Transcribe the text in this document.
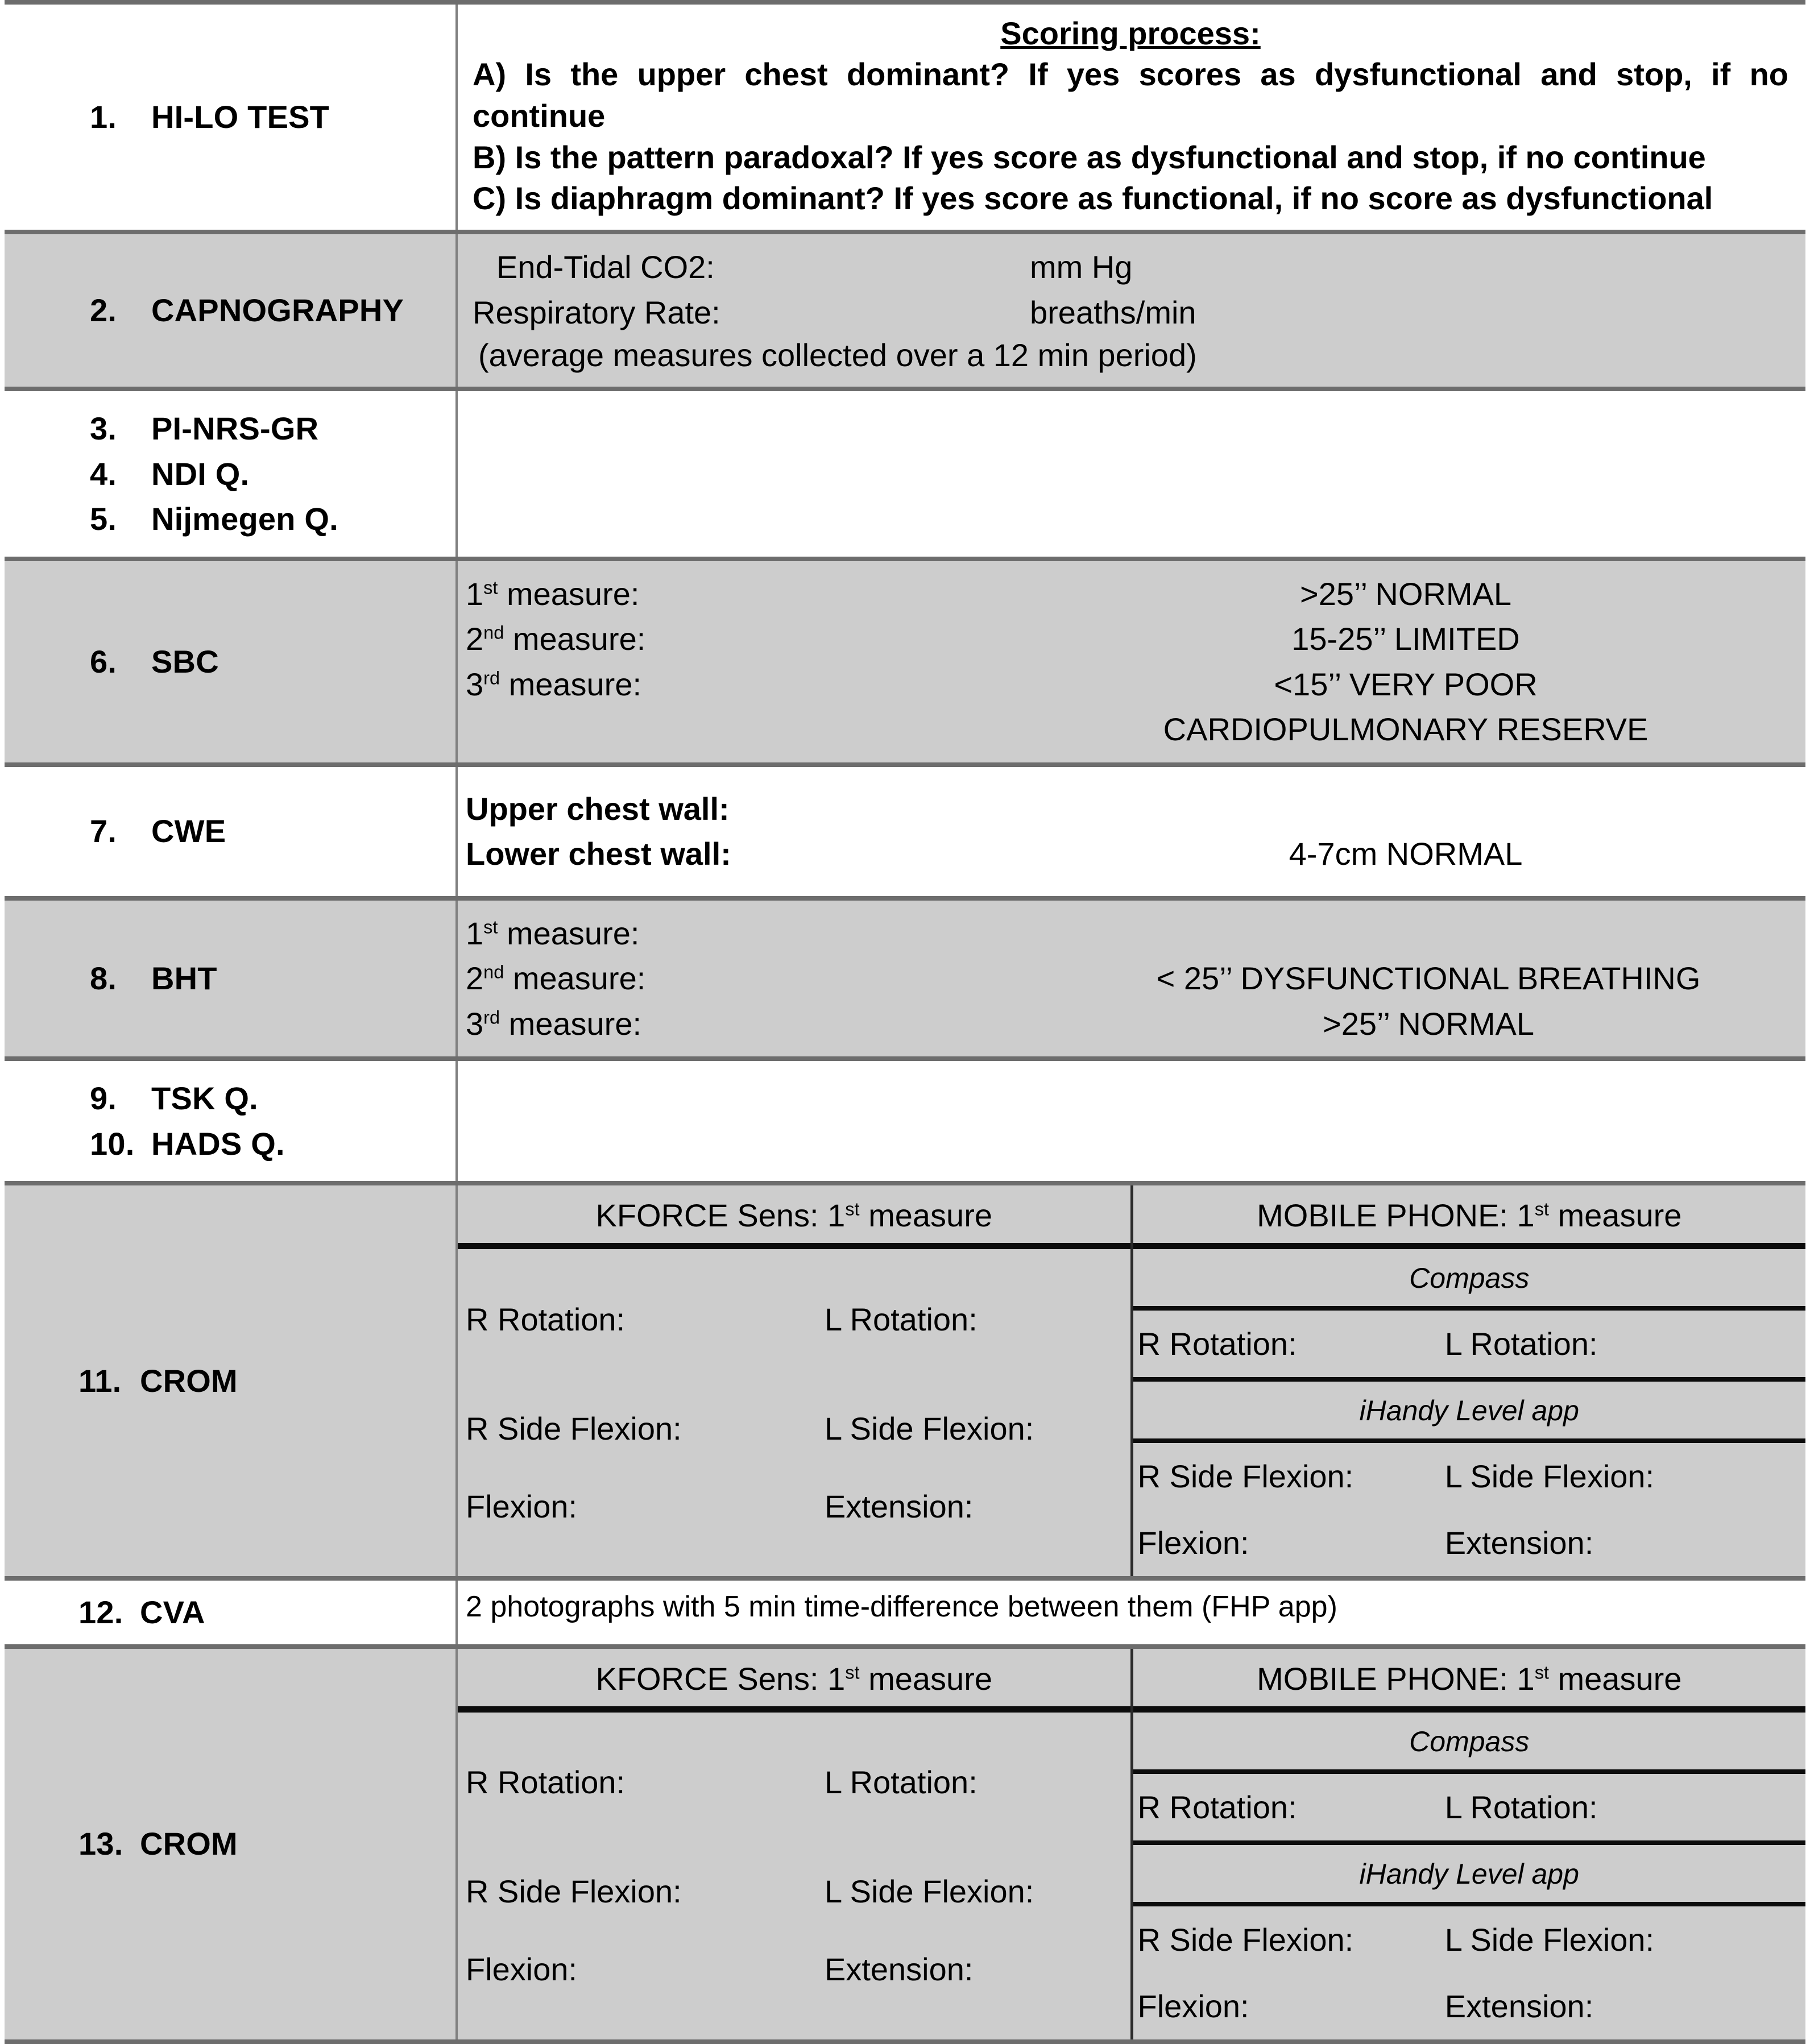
1.	HI-LO TEST

Scoring process:
A) Is the upper chest dominant? If yes scores as dysfunctional and stop, if no continue
B) Is the pattern paradoxal? If yes score as dysfunctional and stop, if no continue
C) Is diaphragm dominant? If yes score as functional, if no score as dysfunctional

2.	CAPNOGRAPHY

End-Tidal CO2:	mm Hg
Respiratory Rate:	breaths/min
(average measures collected over a 12 min period)

3.	PI-NRS-GR
4.	NDI Q.
5.	Nijmegen Q.

6.	SBC

1st measure:	>25’’ NORMAL
2nd measure:	15-25’’ LIMITED
3rd measure:	<15’’ VERY POOR
CARDIOPULMONARY RESERVE

7.	CWE

Upper chest wall:
Lower chest wall:	4-7cm NORMAL

8.	BHT

1st measure:
2nd measure:	< 25’’ DYSFUNCTIONAL BREATHING
3rd measure:	>25’’ NORMAL

9. TSK Q.
10. HADS Q.	

11. CROM

KFORCE Sens: 1st measure
R Rotation:	L Rotation:
R Side Flexion:	L Side Flexion:
Flexion:	Extension:
MOBILE PHONE: 1st measure
Compass
R Rotation:	L Rotation:
iHandy Level app
R Side Flexion:	L Side Flexion:
Flexion:	Extension:

12. CVA	2 photographs with 5 min time-difference between them (FHP app)

13. CROM

KFORCE Sens: 1st measure
R Rotation:	L Rotation:
R Side Flexion:	L Side Flexion:
Flexion:	Extension:
MOBILE PHONE: 1st measure
Compass
R Rotation:	L Rotation:
iHandy Level app
R Side Flexion:	L Side Flexion:
Flexion:	Extension:
